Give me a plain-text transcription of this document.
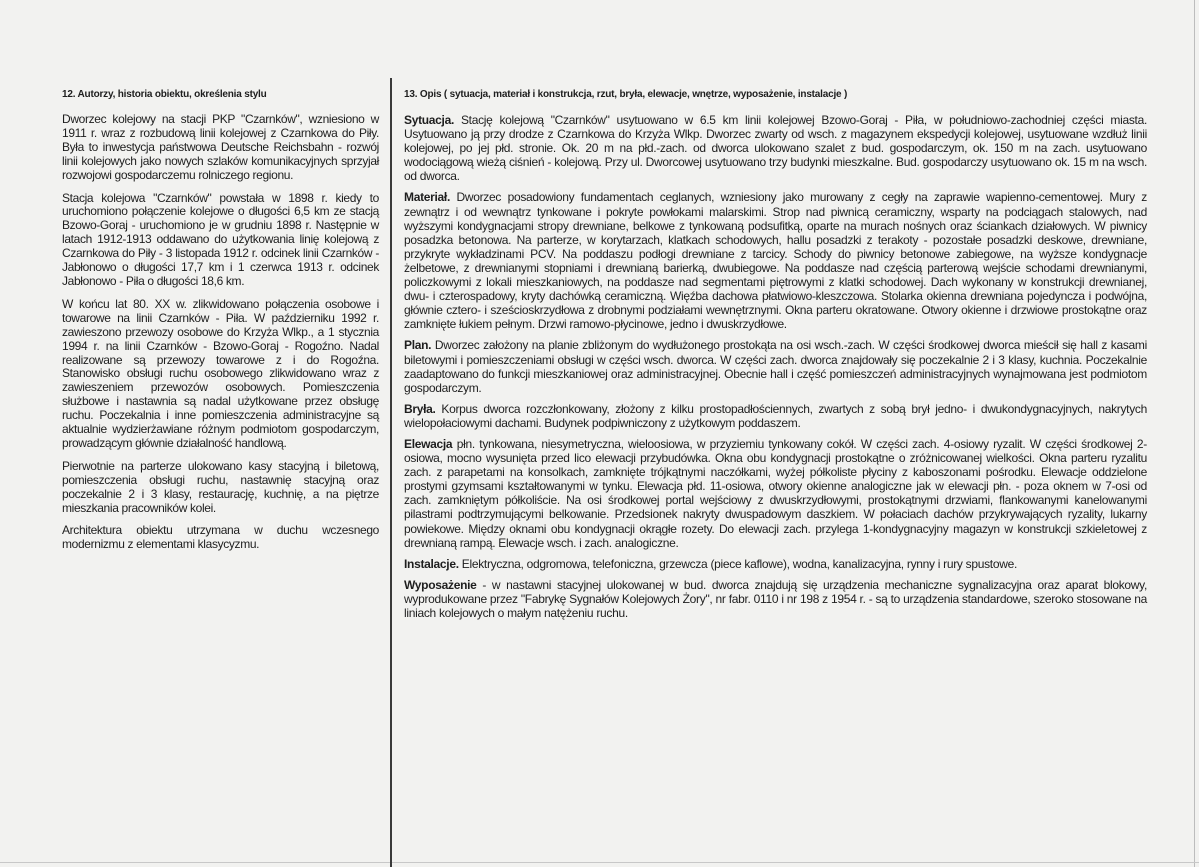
12. Autorzy, historia obiektu, określenia stylu

Dworzec kolejowy na stacji PKP "Czarnków", wzniesiono w 1911 r. wraz z rozbudową linii kolejowej z Czarnkowa do Piły. Była to inwestycja państwowa Deutsche Reichsbahn - rozwój linii kolejowych jako nowych szlaków komunikacyjnych sprzyjał rozwojowi gospodarczemu rolniczego regionu.

Stacja kolejowa "Czarnków" powstała w 1898 r. kiedy to uruchomiono połączenie kolejowe o długości 6,5 km ze stacją Bzowo-Goraj - uruchomiono je w grudniu 1898 r. Następnie w latach 1912-1913 oddawano do użytkowania linię kolejową z Czarnkowa do Piły - 3 listopada 1912 r. odcinek linii Czarnków - Jabłonowo o długości 17,7 km i 1 czerwca 1913 r. odcinek Jabłonowo - Piła o długości 18,6 km.

W końcu lat 80. XX w. zlikwidowano połączenia osobowe i towarowe na linii Czarnków - Piła. W październiku 1992 r. zawieszono przewozy osobowe do Krzyża Wlkp., a 1 stycznia 1994 r. na linii Czarnków - Bzowo-Goraj - Rogoźno. Nadal realizowane są przewozy towarowe z i do Rogoźna. Stanowisko obsługi ruchu osobowego zlikwidowano wraz z zawieszeniem przewozów osobowych. Pomieszczenia służbowe i nastawnia są nadal użytkowane przez obsługę ruchu. Poczekalnia i inne pomieszczenia administracyjne są aktualnie wydzierżawiane różnym podmiotom gospodarczym, prowadzącym głównie działalność handlową.

Pierwotnie na parterze ulokowano kasy stacyjną i biletową, pomieszczenia obsługi ruchu, nastawnię stacyjną oraz poczekalnie 2 i 3 klasy, restaurację, kuchnię, a na piętrze mieszkania pracowników kolei.

Architektura obiektu utrzymana w duchu wczesnego modernizmu z elementami klasycyzmu.

13. Opis ( sytuacja, materiał i konstrukcja, rzut, bryła, elewacje, wnętrze, wyposażenie, instalacje )

Sytuacja. Stację kolejową "Czarnków" usytuowano w 6.5 km linii kolejowej Bzowo-Goraj - Piła, w południowo-zachodniej części miasta. Usytuowano ją przy drodze z Czarnkowa do Krzyża Wlkp. Dworzec zwarty od wsch. z magazynem ekspedycji kolejowej, usytuowane wzdłuż linii kolejowej, po jej płd. stronie. Ok. 20 m na płd.-zach. od dworca ulokowano szalet z bud. gospodarczym, ok. 150 m na zach. usytuowano wodociągową wieżą ciśnień - kolejową. Przy ul. Dworcowej usytuowano trzy budynki mieszkalne. Bud. gospodarczy usytuowano ok. 15 m na wsch. od dworca.

Materiał. Dworzec posadowiony fundamentach ceglanych, wzniesiony jako murowany z cegły na zaprawie wapienno-cementowej. Mury z zewnątrz i od wewnątrz tynkowane i pokryte powłokami malarskimi. Strop nad piwnicą ceramiczny, wsparty na podciągach stalowych, nad wyższymi kondygnacjami stropy drewniane, belkowe z tynkowaną podsufitką, oparte na murach nośnych oraz ściankach działowych. W piwnicy posadzka betonowa. Na parterze, w korytarzach, klatkach schodowych, hallu posadzki z terakoty - pozostałe posadzki deskowe, drewniane, przykryte wykładzinami PCV. Na poddaszu podłogi drewniane z tarcicy. Schody do piwnicy betonowe zabiegowe, na wyższe kondygnacje żelbetowe, z drewnianymi stopniami i drewnianą barierką, dwubiegowe. Na poddasze nad częścią parterową wejście schodami drewnianymi, policzkowymi z lokali mieszkaniowych, na poddasze nad segmentami piętrowymi z klatki schodowej. Dach wykonany w konstrukcji drewnianej, dwu- i czterospadowy, kryty dachówką ceramiczną. Więźba dachowa płatwiowo-kleszczowa. Stolarka okienna drewniana pojedyncza i podwójna, głównie cztero- i sześcioskrzydłowa z drobnymi podziałami wewnętrznymi. Okna parteru okratowane. Otwory okienne i drzwiowe prostokątne oraz zamknięte łukiem pełnym. Drzwi ramowo-płycinowe, jedno i dwuskrzydłowe.

Plan. Dworzec założony na planie zbliżonym do wydłużonego prostokąta na osi wsch.-zach. W części środkowej dworca mieścił się hall z kasami biletowymi i pomieszczeniami obsługi w części wsch. dworca. W części zach. dworca znajdowały się poczekalnie 2 i 3 klasy, kuchnia. Poczekalnie zaadaptowano do funkcji mieszkaniowej oraz administracyjnej. Obecnie hall i część pomieszczeń administracyjnych wynajmowana jest podmiotom gospodarczym.

Bryła. Korpus dworca rozczłonkowany, złożony z kilku prostopadłościennych, zwartych z sobą brył jedno- i dwukondygnacyjnych, nakrytych wielopołaciowymi dachami. Budynek podpiwniczony z użytkowym poddaszem.

Elewacja płn. tynkowana, niesymetryczna, wieloosiowa, w przyziemiu tynkowany cokół. W części zach. 4-osiowy ryzalit. W części środkowej 2-osiowa, mocno wysunięta przed lico elewacji przybudówka. Okna obu kondygnacji prostokątne o zróżnicowanej wielkości. Okna parteru ryzalitu zach. z parapetami na konsolkach, zamknięte trójkątnymi naczółkami, wyżej półkoliste płyciny z kaboszonami pośrodku. Elewacje oddzielone prostymi gzymsami kształtowanymi w tynku. Elewacja płd. 11-osiowa, otwory okienne analogiczne jak w elewacji płn. - poza oknem w 7-osi od zach. zamkniętym półkoliście. Na osi środkowej portal wejściowy z dwuskrzydłowymi, prostokątnymi drzwiami, flankowanymi kanelowanymi pilastrami podtrzymującymi belkowanie. Przedsionek nakryty dwuspadowym daszkiem. W połaciach dachów przykrywających ryzality, lukarny powiekowe. Między oknami obu kondygnacji okrągłe rozety. Do elewacji zach. przylega 1-kondygnacyjny magazyn w konstrukcji szkieletowej z drewnianą rampą. Elewacje wsch. i zach. analogiczne.

Instalacje. Elektryczna, odgromowa, telefoniczna, grzewcza (piece kaflowe), wodna, kanalizacyjna, rynny i rury spustowe.

Wyposażenie - w nastawni stacyjnej ulokowanej w bud. dworca znajdują się urządzenia mechaniczne sygnalizacyjna oraz aparat blokowy, wyprodukowane przez "Fabrykę Sygnałów Kolejowych Żory", nr fabr. 0110 i nr 198 z 1954 r. - są to urządzenia standardowe, szeroko stosowane na liniach kolejowych o małym natężeniu ruchu.
